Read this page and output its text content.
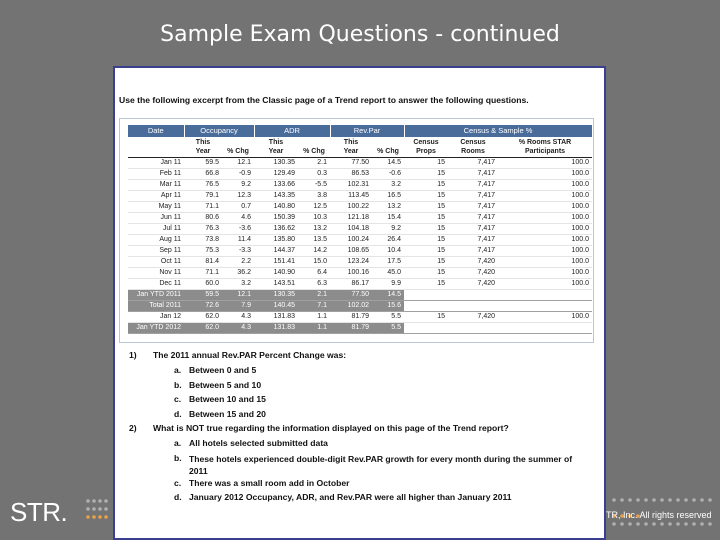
Sample Exam Questions - continued
Use the following excerpt from the Classic page of a Trend report to answer the following questions.
Date	Occupancy		ADR		Rev.Par		Census & Sample %		
	This		This		This		Census	Census	% Rooms STAR
	Year	% Chg	Year	% Chg	Year	% Chg	Props	Rooms	Participants
Jan 11	59.5	12.1	130.35	2.1	77.50	14.5	15	7,417	100.0
Feb 11	66.8	-0.9	129.49	0.3	86.53	-0.6	15	7,417	100.0
Mar 11	76.5	9.2	133.66	-5.5	102.31	3.2	15	7,417	100.0
Apr 11	79.1	12.3	143.35	3.8	113.45	16.5	15	7,417	100.0
May 11	71.1	0.7	140.80	12.5	100.22	13.2	15	7,417	100.0
Jun 11	80.6	4.6	150.39	10.3	121.18	15.4	15	7,417	100.0
Jul 11	76.3	-3.6	136.62	13.2	104.18	9.2	15	7,417	100.0
Aug 11	73.8	11.4	135.80	13.5	100.24	26.4	15	7,417	100.0
Sep 11	75.3	-3.3	144.37	14.2	108.65	10.4	15	7,417	100.0
Oct 11	81.4	2.2	151.41	15.0	123.24	17.5	15	7,420	100.0
Nov 11	71.1	36.2	140.90	6.4	100.16	45.0	15	7,420	100.0
Dec 11	60.0	3.2	143.51	6.3	86.17	9.9	15	7,420	100.0
Jan YTD 2011	59.5	12.1	130.35	2.1	77.50	14.5			
Total 2011	72.6	7.9	140.45	7.1	102.02	15.6			
Jan 12	62.0	4.3	131.83	1.1	81.79	5.5	15	7,420	100.0
Jan YTD 2012	62.0	4.3	131.83	1.1	81.79	5.5			
1) The 2011 annual Rev.PAR Percent Change was:
a. Between 0 and 5
b. Between 5 and 10
c. Between 10 and 15
d. Between 15 and 20
2) What is NOT true regarding the information displayed on this page of the Trend report?
a. All hotels selected submitted data
b. These hotels experienced double-digit Rev.PAR growth for every month during the summer of 2011
c. There was a small room add in October
d. January 2012 Occupancy, ADR, and Rev.PAR were all higher than January 2011
STR.	TR, Inc. All rights reserved
